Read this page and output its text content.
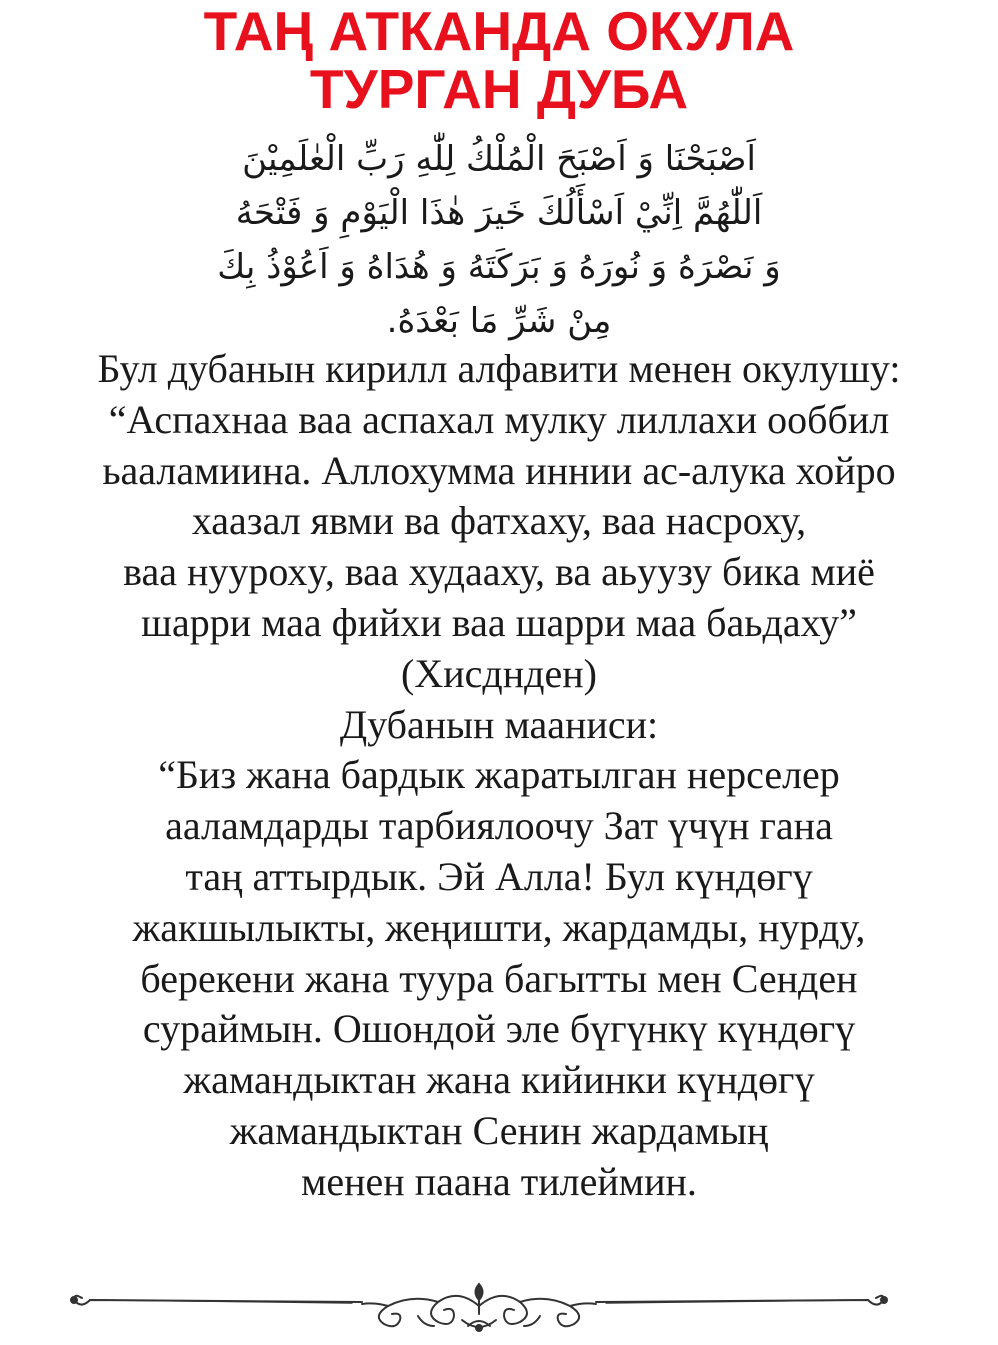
ТАҢ АТКАНДА ОКУЛА
ТУРГАН ДУБА
اَصْبَحْنَا وَ اَصْبَحَ الْمُلْكُ لِلّٰهِ رَبِّ الْعٰلَمِيْنَ
اَللّٰهُمَّ اِنِّيْ اَسْأَلُكَ خَيرَ هٰذَا الْيَوْمِ وَ فَتْحَهُ
وَ نَصْرَهُ وَ نُورَهُ وَ بَرَكَتَهُ وَ هُدَاهُ وَ اَعُوْذُ بِكَ
مِنْ شَرِّ مَا بَعْدَهُ.
Бул дубанын кирилл алфавити менен окулушу:
“Аспахнаа ваа аспахал мулку лиллахи ооббил
ьааламиина. Аллохумма иннии ас-алука хойро
хаазал явми ва фатхаху, ваа насроху,
ваа нуурохy, ваа худааху, ва аьуузу бика миё
шарри маа фийхи ваа шарри маа баьдаху”
(Хисднден)
Дубанын мааниси:
“Биз жана бардык жаратылган нерселер
ааламдарды тарбиялоочу Зат үчүн гана
таң аттырдык. Эй Алла! Бул күндөгү
жакшылыкты, жеңишти, жардамды, нурду,
берекени жана туура багытты мен Сенден
сураймын. Ошондой эле бүгүнкү күндөгү
жамандыктан жана кийинки күндөгү
жамандыктан Сенин жардамың
менен паана тилеймин.
